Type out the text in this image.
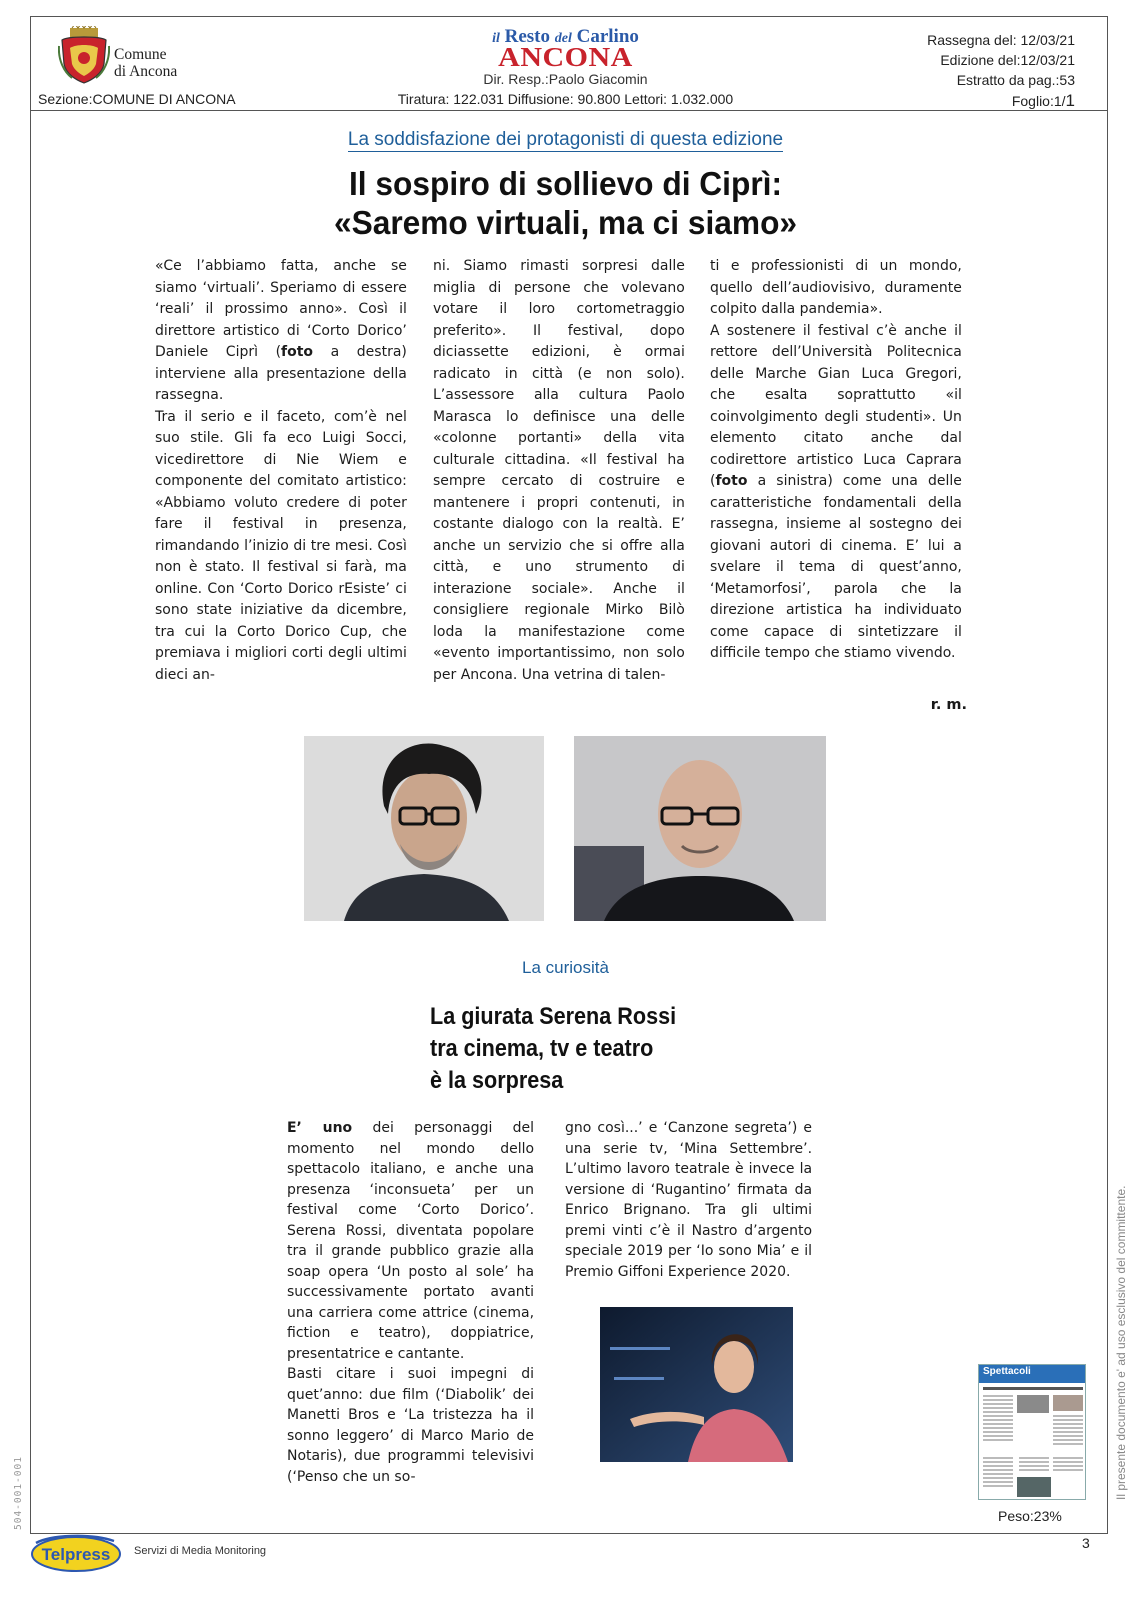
Comune
di Ancona
Sezione:COMUNE DI ANCONA
il Resto del Carlino
ANCONA
Dir. Resp.:Paolo Giacomin
Tiratura: 122.031 Diffusione: 90.800 Lettori: 1.032.000
Rassegna del: 12/03/21
Edizione del:12/03/21
Estratto da pag.:53
Foglio:1/1
La soddisfazione dei protagonisti di questa edizione
Il sospiro di sollievo di Ciprì:
«Saremo virtuali, ma ci siamo»
«Ce l’abbiamo fatta, anche se siamo ‘virtuali’. Speriamo di essere ‘reali’ il prossimo anno». Così il direttore artistico di ‘Corto Dorico’ Daniele Ciprì (foto a destra) interviene alla presentazione della rassegna.
Tra il serio e il faceto, com’è nel suo stile. Gli fa eco Luigi Socci, vicedirettore di Nie Wiem e componente del comitato artistico: «Abbiamo voluto credere di poter fare il festival in presenza, rimandando l’inizio di tre mesi. Così non è stato. Il festival si farà, ma online. Con ‘Corto Dorico rEsiste’ ci sono state iniziative da dicembre, tra cui la Corto Dorico Cup, che premiava i migliori corti degli ultimi dieci an-
ni. Siamo rimasti sorpresi dalle miglia di persone che volevano votare il loro cortometraggio preferito». Il festival, dopo diciassette edizioni, è ormai radicato in città (e non solo). L’assessore alla cultura Paolo Marasca lo definisce una delle «colonne portanti» della vita culturale cittadina. «Il festival ha sempre cercato di costruire e mantenere i propri contenuti, in costante dialogo con la realtà. E’ anche un servizio che si offre alla città, e uno strumento di interazione sociale». Anche il consigliere regionale Mirko Bilò loda la manifestazione come «evento importantissimo, non solo per Ancona. Una vetrina di talen-
ti e professionisti di un mondo, quello dell’audiovisivo, duramente colpito dalla pandemia».
A sostenere il festival c’è anche il rettore dell’Università Politecnica delle Marche Gian Luca Gregori, che esalta soprattutto «il coinvolgimento degli studenti». Un elemento citato anche dal codirettore artistico Luca Caprara (foto a sinistra) come una delle caratteristiche fondamentali della rassegna, insieme al sostegno dei giovani autori di cinema. E’ lui a svelare il tema di quest’anno, ‘Metamorfosi’, parola che la direzione artistica ha individuato come capace di sintetizzare il difficile tempo che stiamo vivendo.
r. m.
La curiosità
La giurata Serena Rossi
tra cinema, tv e teatro
è la sorpresa
E’ uno dei personaggi del momento nel mondo dello spettacolo italiano, e anche una presenza ‘inconsueta’ per un festival come ‘Corto Dorico’. Serena Rossi, diventata popolare tra il grande pubblico grazie alla soap opera ‘Un posto al sole’ ha successivamente portato avanti una carriera come attrice (cinema, fiction e teatro), doppiatrice, presentatrice e cantante.
Basti citare i suoi impegni di quet’anno: due film (‘Diabolik’ dei Manetti Bros e ‘La tristezza ha il sonno leggero’ di Marco Mario de Notaris), due programmi televisivi (‘Penso che un so-
gno così...’ e ‘Canzone segreta’) e una serie tv, ‘Mina Settembre’. L’ultimo lavoro teatrale è invece la versione di ‘Rugantino’ firmata da Enrico Brignano. Tra gli ultimi premi vinti c’è il Nastro d’argento speciale 2019 per ‘Io sono Mia’ e il Premio Giffoni Experience 2020.
Spettacoli
Peso:23%
3
Telpress Servizi di Media Monitoring
Il presente documento e' ad uso esclusivo del committente.
504-001-001
